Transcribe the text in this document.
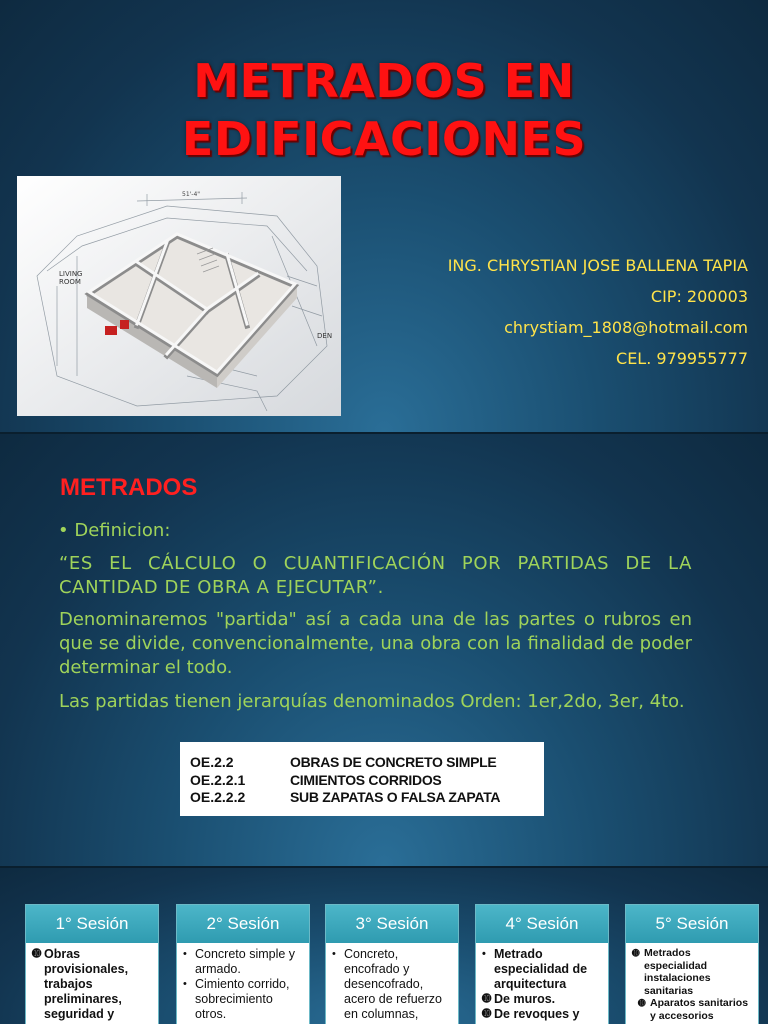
METRADOS EN
EDIFICACIONES
51'-4"
LIVING
ROOM
DEN
ING. CHRYSTIAN JOSE BALLENA TAPIA
CIP: 200003
chrystiam_1808@hotmail.com
CEL. 979955777
METRADOS
• Definicion:
“ES EL CÁLCULO O CUANTIFICACIÓN POR PARTIDAS DE LA CANTIDAD DE OBRA A EJECUTAR”.
Denominaremos "partida" así a cada una de las partes o rubros en que se divide, convencionalmente, una obra con la finalidad de poder determinar el todo.
Las partidas tienen jerarquías denominados Orden: 1er,2do, 3er, 4to.
OE.2.2	OBRAS DE CONCRETO SIMPLE
OE.2.2.1	CIMIENTOS CORRIDOS
OE.2.2.2	SUB ZAPATAS O FALSA ZAPATA
1° Sesión
➓ Obras provisionales, trabajos preliminares, seguridad y
2° Sesión
• Concreto simple y armado.
• Cimiento corrido, sobrecimiento otros.
3° Sesión
• Concreto, encofrado y desencofrado, acero de refuerzo en columnas,
4° Sesión
• Metrado especialidad de arquitectura
➓ De muros.
➓ De revoques y
5° Sesión
➓ Metrados especialidad instalaciones sanitarias
➓ Aparatos sanitarios y accesorios
